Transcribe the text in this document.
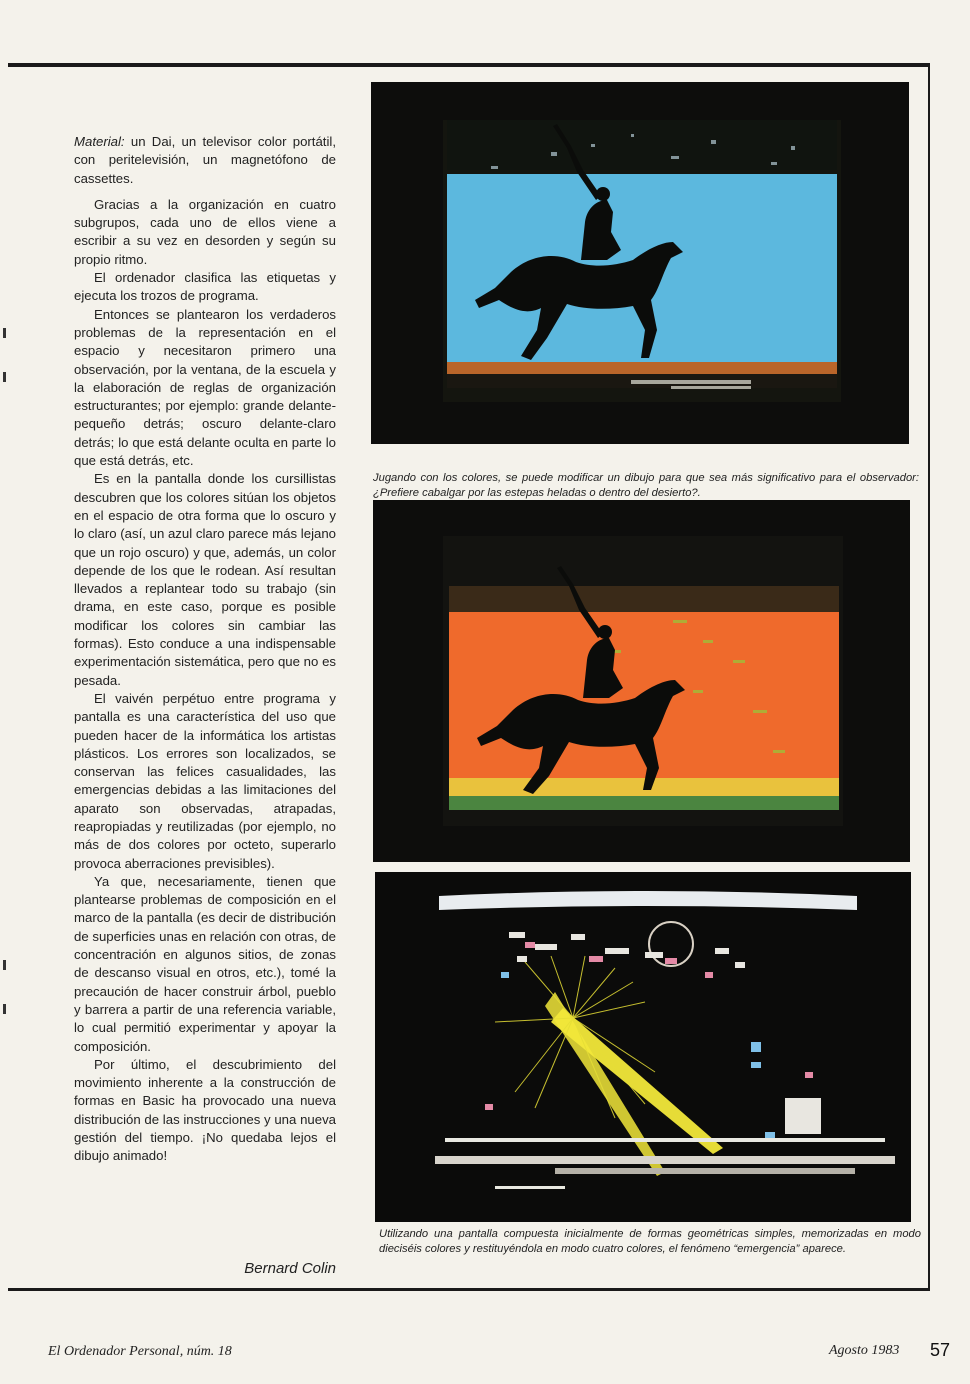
Material: un Dai, un televisor color portátil, con peritelevisión, un magnetófono de cassettes.

Gracias a la organización en cuatro subgrupos, cada uno de ellos viene a escribir a su vez en desorden y según su propio ritmo.

El ordenador clasifica las etiquetas y ejecuta los trozos de programa.

Entonces se plantearon los verdaderos problemas de la representación en el espacio y necesitaron primero una observación, por la ventana, de la escuela y la elaboración de reglas de organización estructurantes; por ejemplo: grande delante-pequeño detrás; oscuro delante-claro detrás; lo que está delante oculta en parte lo que está detrás, etc.

Es en la pantalla donde los cursillistas descubren que los colores sitúan los objetos en el espacio de otra forma que lo oscuro y lo claro (así, un azul claro parece más lejano que un rojo oscuro) y que, además, un color depende de los que le rodean. Así resultan llevados a replantear todo su trabajo (sin drama, en este caso, porque es posible modificar los colores sin cambiar las formas). Esto conduce a una indispensable experimentación sistemática, pero que no es pesada.

El vaivén perpétuo entre programa y pantalla es una característica del uso que pueden hacer de la informática los artistas plásticos. Los errores son localizados, se conservan las felices casualidades, las emergencias debidas a las limitaciones del aparato son observadas, atrapadas, reapropiadas y reutilizadas (por ejemplo, no más de dos colores por octeto, superarlo provoca aberraciones previsibles).

Ya que, necesariamente, tienen que plantearse problemas de composición en el marco de la pantalla (es decir de distribución de superficies unas en relación con otras, de concentración en algunos sitios, de zonas de descanso visual en otros, etc.), tomé la precaución de hacer construir árbol, pueblo y barrera a partir de una referencia variable, lo cual permitió experimentar y apoyar la composición.

Por último, el descubrimiento del movimiento inherente a la construcción de formas en Basic ha provocado una nueva distribución de las instrucciones y una nueva gestión del tiempo. ¡No quedaba lejos el dibujo animado!

Bernard Colin
Jugando con los colores, se puede modificar un dibujo para que sea más significativo para el observador: ¿Prefiere cabalgar por las estepas heladas o dentro del desierto?.
Utilizando una pantalla compuesta inicialmente de formas geométricas simples, memorizadas en modo dieciséis colores y restituyéndola en modo cuatro colores, el fenómeno “emergencia” aparece.
El Ordenador Personal, núm. 18	Agosto 1983 57
